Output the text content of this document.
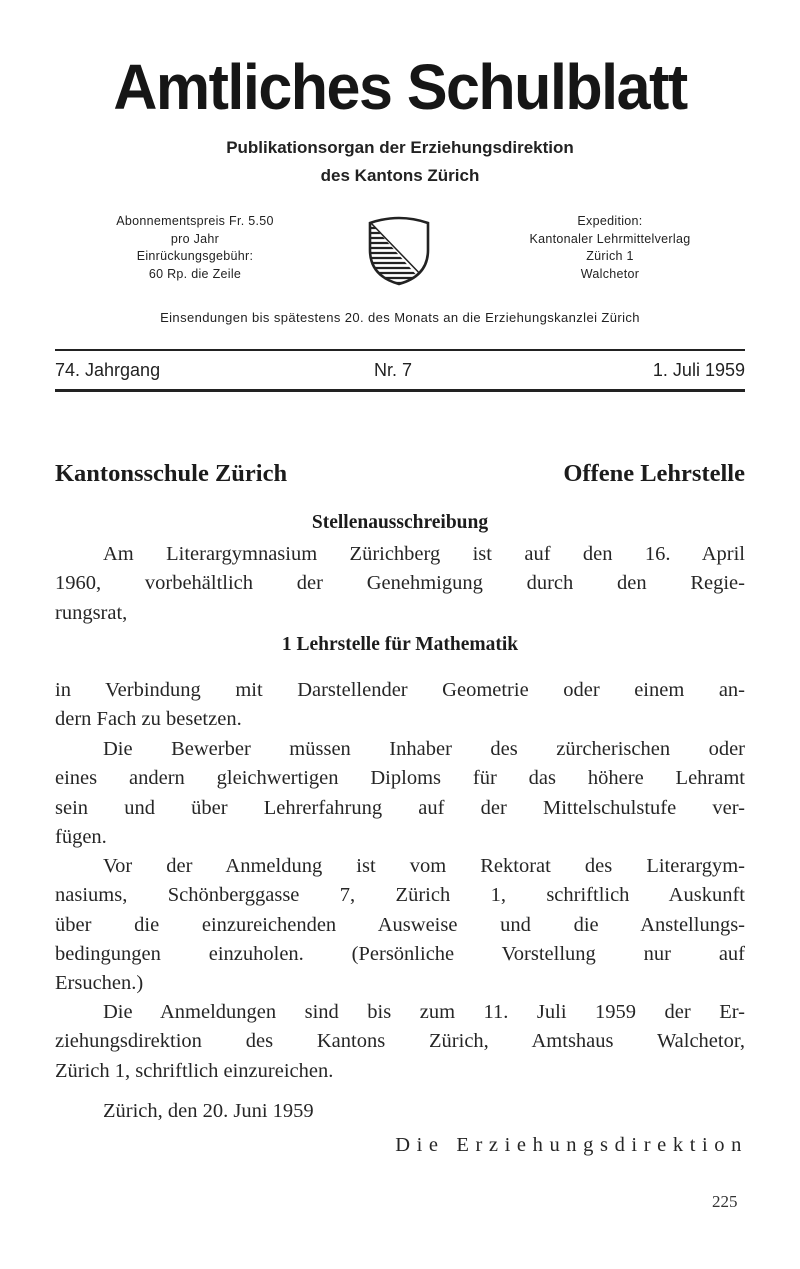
Amtliches Schulblatt
Publikationsorgan der Erziehungsdirektion
des Kantons Zürich
Abonnementspreis Fr. 5.50
pro Jahr
Einrückungsgebühr:
60 Rp. die Zeile
Expedition:
Kantonaler Lehrmittelverlag
Zürich 1
Walchetor
Einsendungen bis spätestens 20. des Monats an die Erziehungskanzlei Zürich
74. Jahrgang	Nr. 7	1. Juli 1959
Kantonsschule Zürich	Offene Lehrstelle
Stellenausschreibung
Am Literargymnasium Zürichberg ist auf den 16. April
1960, vorbehältlich der Genehmigung durch den Regie-
rungsrat,
1 Lehrstelle für Mathematik
in Verbindung mit Darstellender Geometrie oder einem an-
dern Fach zu besetzen.
Die Bewerber müssen Inhaber des zürcherischen oder
eines andern gleichwertigen Diploms für das höhere Lehramt
sein und über Lehrerfahrung auf der Mittelschulstufe ver-
fügen.
Vor der Anmeldung ist vom Rektorat des Literargym-
nasiums, Schönberggasse 7, Zürich 1, schriftlich Auskunft
über die einzureichenden Ausweise und die Anstellungs-
bedingungen einzuholen. (Persönliche Vorstellung nur auf
Ersuchen.)
Die Anmeldungen sind bis zum 11. Juli 1959 der Er-
ziehungsdirektion des Kantons Zürich, Amtshaus Walchetor,
Zürich 1, schriftlich einzureichen.
Zürich, den 20. Juni 1959
Die Erziehungsdirektion
225
